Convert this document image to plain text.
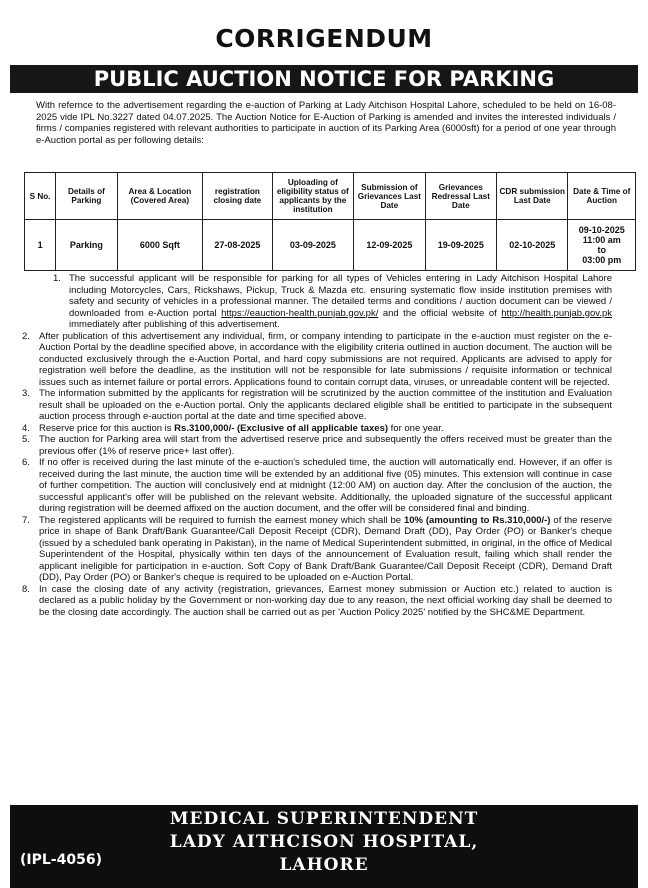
CORRIGENDUM
PUBLIC AUCTION NOTICE FOR PARKING
With refernce to the advertisement regarding the e-auction of Parking at Lady Aitchison Hospital Lahore, scheduled to be held on 16-08-2025 vide IPL No.3227 dated 04.07.2025. The Auction Notice for E-Auction of Parking is amended and invites the interested individuals / firms / companies registered with relevant authorities to participate in auction of its Parking Area (6000sft) for a period of one year through e-Auction portal as per following details:
S No.	Details of Parking	Area & Location (Covered Area)	registration closing date	Uploading of eligibility status of applicants by the institution	Submission of Grievances Last Date	Grievances Redressal Last Date	CDR submission Last Date	Date & Time of Auction
1	Parking	6000 Sqft	27-08-2025	03-09-2025	12-09-2025	19-09-2025	02-10-2025	09-10-2025
11:00 am
to
03:00 pm
1. The successful applicant will be responsible for parking for all types of Vehicles entering in Lady Aitchison Hospital Lahore including Motorcycles, Cars, Rickshaws, Pickup, Truck & Mazda etc. ensuring systematic flow inside institution premises with safety and security of vehicles in a professional manner. The detailed terms and conditions / auction document can be viewed / downloaded from e-Auction portal https://eauction-health.punjab.gov.pk/ and the official website of http://health.punjab.gov.pk immediately after publishing of this advertisement.
2. After publication of this advertisement any individual, firm, or company intending to participate in the e-auction must register on the e-Auction Portal by the deadline specified above, in accordance with the eligibility criteria outlined in auction document. The auction will be conducted exclusively through the e-Auction Portal, and hard copy submissions are not required. Applicants are advised to apply for registration well before the deadline, as the institution will not be responsible for late submissions / requisite information or technical issues such as internet failure or portal errors. Applications found to contain corrupt data, viruses, or unreadable content will be rejected.
3. The information submitted by the applicants for registration will be scrutinized by the auction committee of the institution and Evaluation result shall be uploaded on the e-Auction portal. Only the applicants declared eligible shall be entitled to participate in the subsequent auction process through e-auction portal at the date and time specified above.
4. Reserve price for this auction is Rs.3100,000/- (Exclusive of all applicable taxes) for one year.
5. The auction for Parking area will start from the advertised reserve price and subsequently the offers received must be greater than the previous offer (1% of reserve price+ last offer).
6. If no offer is received during the last minute of the e-auction's scheduled time, the auction will automatically end. However, if an offer is received during the last minute, the auction time will be extended by an additional five (05) minutes. This extension will continue in case of further competition. The auction will conclusively end at midnight (12:00 AM) on auction day. After the conclusion of the auction, the successful applicant's offer will be published on the relevant website. Additionally, the uploaded signature of the successful applicant during registration will be deemed affixed on the auction document, and the offer will be considered final and binding.
7. The registered applicants will be required to furnish the earnest money which shall be 10% (amounting to Rs.310,000/-) of the reserve price in shape of Bank Draft/Bank Guarantee/Call Deposit Receipt (CDR), Demand Draft (DD), Pay Order (PO) or Banker's cheque (issued by a scheduled bank operating in Pakistan), in the name of Medical Superintendent submitted, in original, in the office of Medical Superintendent of the Hospital, physically within ten days of the announcement of Evaluation result, failing which shall render the applicant ineligible for participation in e-auction. Soft Copy of Bank Draft/Bank Guarantee/Call Deposit Receipt (CDR), Demand Draft (DD), Pay Order (PO) or Banker's cheque is required to be uploaded on e-Auction Portal.
8. In case the closing date of any activity (registration, grievances, Earnest money submission or Auction etc.) related to auction is declared as a public holiday by the Government or non-working day due to any reason, the next official working day shall be deemed to be the closing date accordingly. The auction shall be carried out as per 'Auction Policy 2025' notified by the SHC&ME Department.
MEDICAL SUPERINTENDENT
LADY AITHCISON HOSPITAL,
LAHORE
(IPL-4056)
